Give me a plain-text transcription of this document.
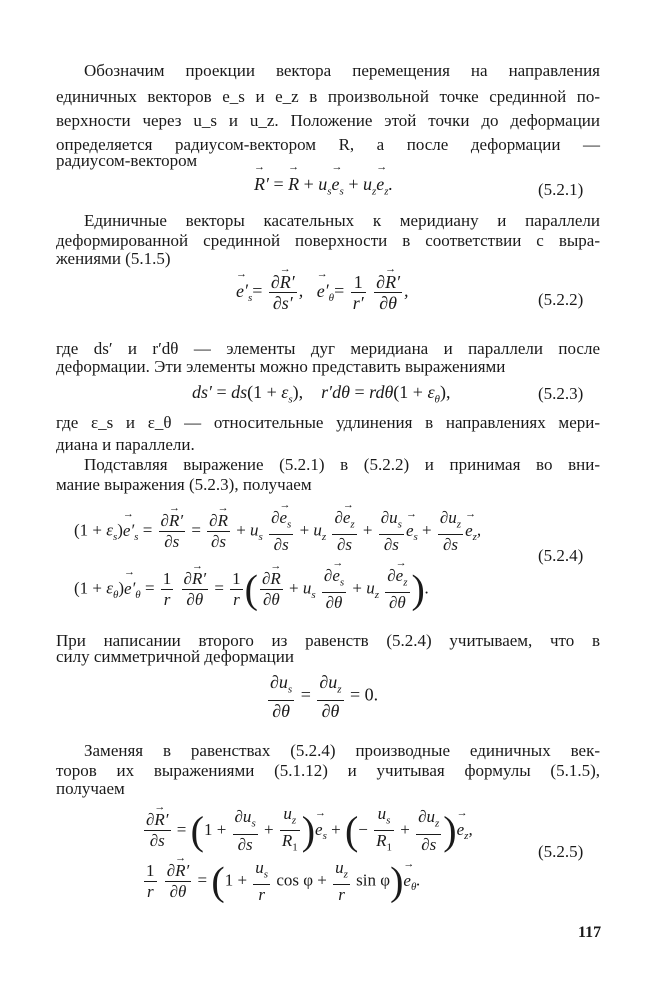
Обозначим проекции вектора перемещения на направления
единичных векторов e_s и e_z в произвольной точке срединной по-
верхности через u_s и u_z. Положение этой точки до деформации
определяется радиусом-вектором R, а после деформации —
радиусом-вектором
→ R′ = → $R + u_s\to e_s + u_z\to e_z$.	(5.2.1)
Единичные векторы касательных к меридиану и параллели
деформированной срединной поверхности в соответствии с выра-
жениями (5.1.5)
→ $e'_s= \frac{\partial\to R'}{\partial s'}$ ,   → $e'_\theta= \frac{1}{r'}$
$\frac{\partial\to R'}{\partial\theta}$ ,	(5.2.2)
где ds′ и r′dθ — элементы дуг меридиана и параллели после
деформации. Эти элементы можно представить выражениями
$ds' = ds(1 + \varepsilon_s)$,    $r'd\theta = rd\theta(1 + \varepsilon_\theta)$,	(5.2.3)
где ε_s и ε_θ — относительные удлинения в направлениях мери-
диана и параллели.
Подставляя выражение (5.2.1) в (5.2.2) и принимая во вни-
мание выражения (5.2.3), получаем
$(1 + \varepsilon_s)\to e'_s = \frac{\partial\to R'}{\partial s} = \frac{\partial\to R}{\partial s} + u_s \frac{\partial\to e_s}{\partial s} + u_z \frac{\partial\to e_z}{\partial s} + \frac{\partial u_s}{\partial s}$
→ $e_s + \frac{\partial u_z}{\partial s}$
→ $e_z$,
(5.2.4)
$(1 + \varepsilon_\theta)\to e'_\theta = \frac{1}{r}$
$\frac{\partial\to R'}{\partial\theta} = \frac{1}{r}$ ( $\frac{\partial\to R}{\partial\theta} + u_s \frac{\partial\to e_s}{\partial\theta} + u_z \frac{\partial\to e_z}{\partial\theta}$ ).
При написании второго из равенств (5.2.4) учитываем, что в
силу симметричной деформации
$\frac{\partial u_s}{\partial\theta} = \frac{\partial u_z}{\partial\theta} = 0$.
Заменяя в равенствах (5.2.4) производные единичных век-
торов их выражениями (5.1.12) и учитывая формулы (5.1.5),
получаем
$\frac{\partial\to R'}{\partial s} = (1 + \frac{\partial u_s}{\partial s} + \frac{u_z}{R_1}$ )→ $e_s$ + (− $\frac{u_s}{R_1} + \frac{\partial u_z}{\partial s}$ )→ $e_z$,
(5.2.5)
$\frac{1}{r}$
$\frac{\partial\to R'}{\partial\theta} = (1 + \frac{u_s}{r}$ $\cos \varphi + \frac{u_z}{r}$ $\sin \varphi)\to e_\theta$.
117
